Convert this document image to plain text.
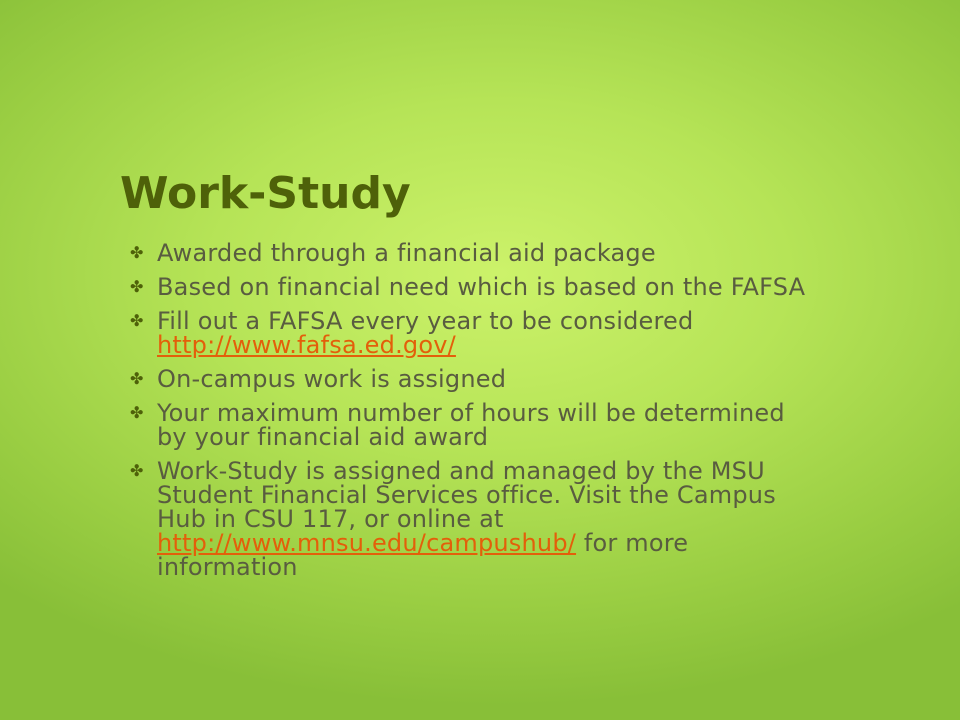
Work-Study
✤ Awarded through a financial aid package
✤ Based on financial need which is based on the FAFSA
✤ Fill out a FAFSA every year to be considered http://www.fafsa.ed.gov/
✤ On-campus work is assigned
✤ Your maximum number of hours will be determined by your financial aid award
✤ Work-Study is assigned and managed by the MSU Student Financial Services office. Visit the Campus Hub in CSU 117, or online at http://www.mnsu.edu/campushub/ for more information
